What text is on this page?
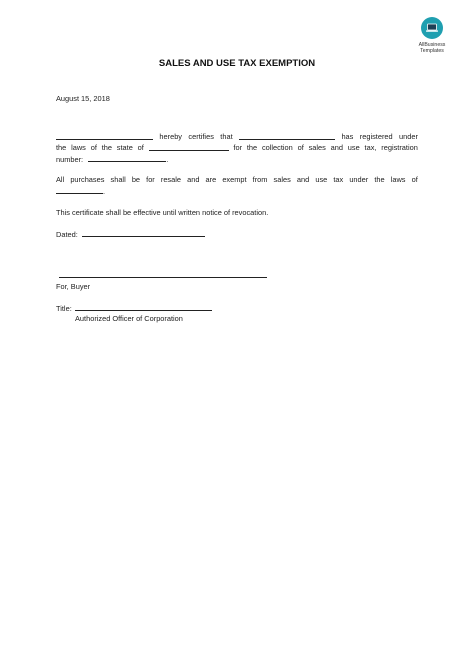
AllBusiness
Templates
SALES AND USE TAX EXEMPTION
August 15, 2018
hereby certifies that	has registered under
the laws of the state of	for the collection of sales and use tax, registration
number:	.
All purchases shall be for resale and are exempt from sales and use tax under the laws of
.
This certificate shall be effective until written notice of revocation.
Dated:
For, Buyer
Title:
Authorized Officer of Corporation
